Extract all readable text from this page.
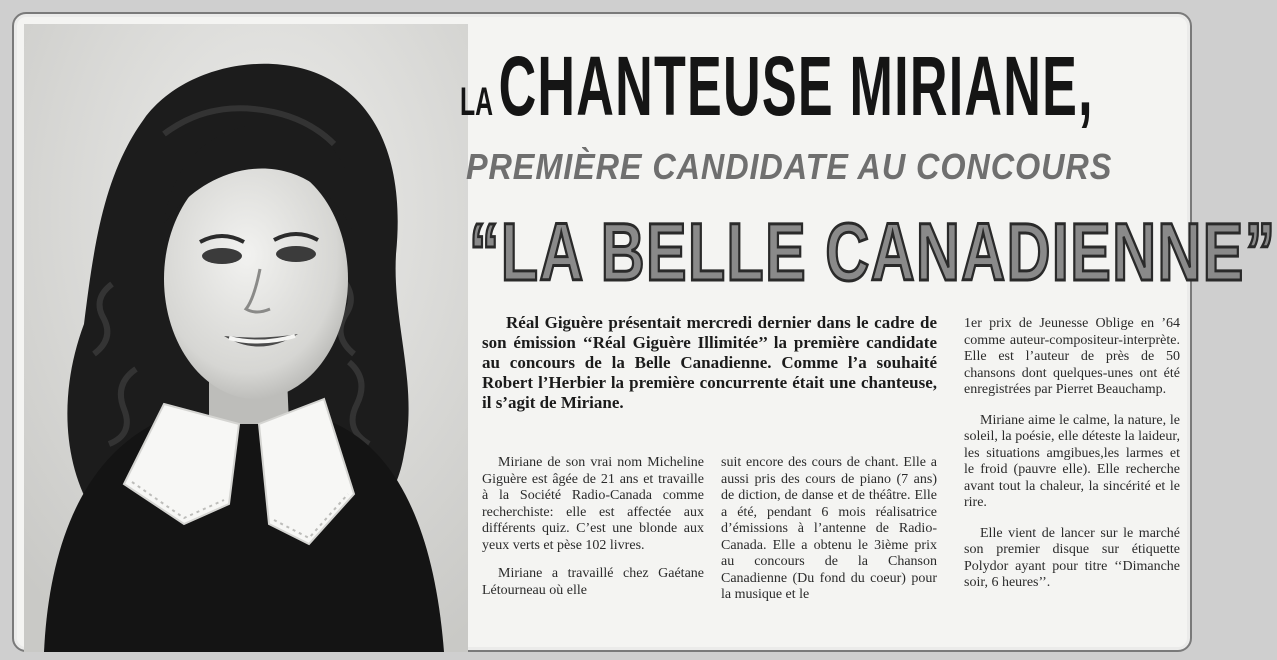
LA CHANTEUSE MIRIANE,
PREMIÈRE CANDIDATE AU CONCOURS
“LA BELLE CANADIENNE”

Réal Giguère présentait mercredi dernier dans le cadre de son émission ‘‘Réal Giguère Illimitée’’ la première candidate au concours de la Belle Canadienne. Comme l’a souhaité Robert l’Herbier la première concurrente était une chanteuse, il s’agit de Miriane.

Miriane de son vrai nom Micheline Giguère est âgée de 21 ans et travaille à la Société Radio-Canada comme recherchiste: elle est affectée aux différents quiz. C’est une blonde aux yeux verts et pèse 102 livres.

Miriane a travaillé chez Gaétane Létourneau où elle

suit encore des cours de chant. Elle a aussi pris des cours de piano (7 ans) de diction, de danse et de théâtre. Elle a été, pendant 6 mois réalisatrice d’émissions à l’antenne de Radio-Canada. Elle a obtenu le 3ième prix au concours de la Chanson Canadienne (Du fond du coeur) pour la musique et le

1er prix de Jeunesse Oblige en ’64 comme auteur-compositeur-interprète. Elle est l’auteur de près de 50 chansons dont quelques-unes ont été enregistrées par Pierret Beauchamp.

Miriane aime le calme, la nature, le soleil, la poésie, elle déteste la laideur, les situations amgibues,les larmes et le froid (pauvre elle). Elle recherche avant tout la chaleur, la sincérité et le rire.

Elle vient de lancer sur le marché son premier disque sur étiquette Polydor ayant pour titre ‘‘Dimanche soir, 6 heures’’.
